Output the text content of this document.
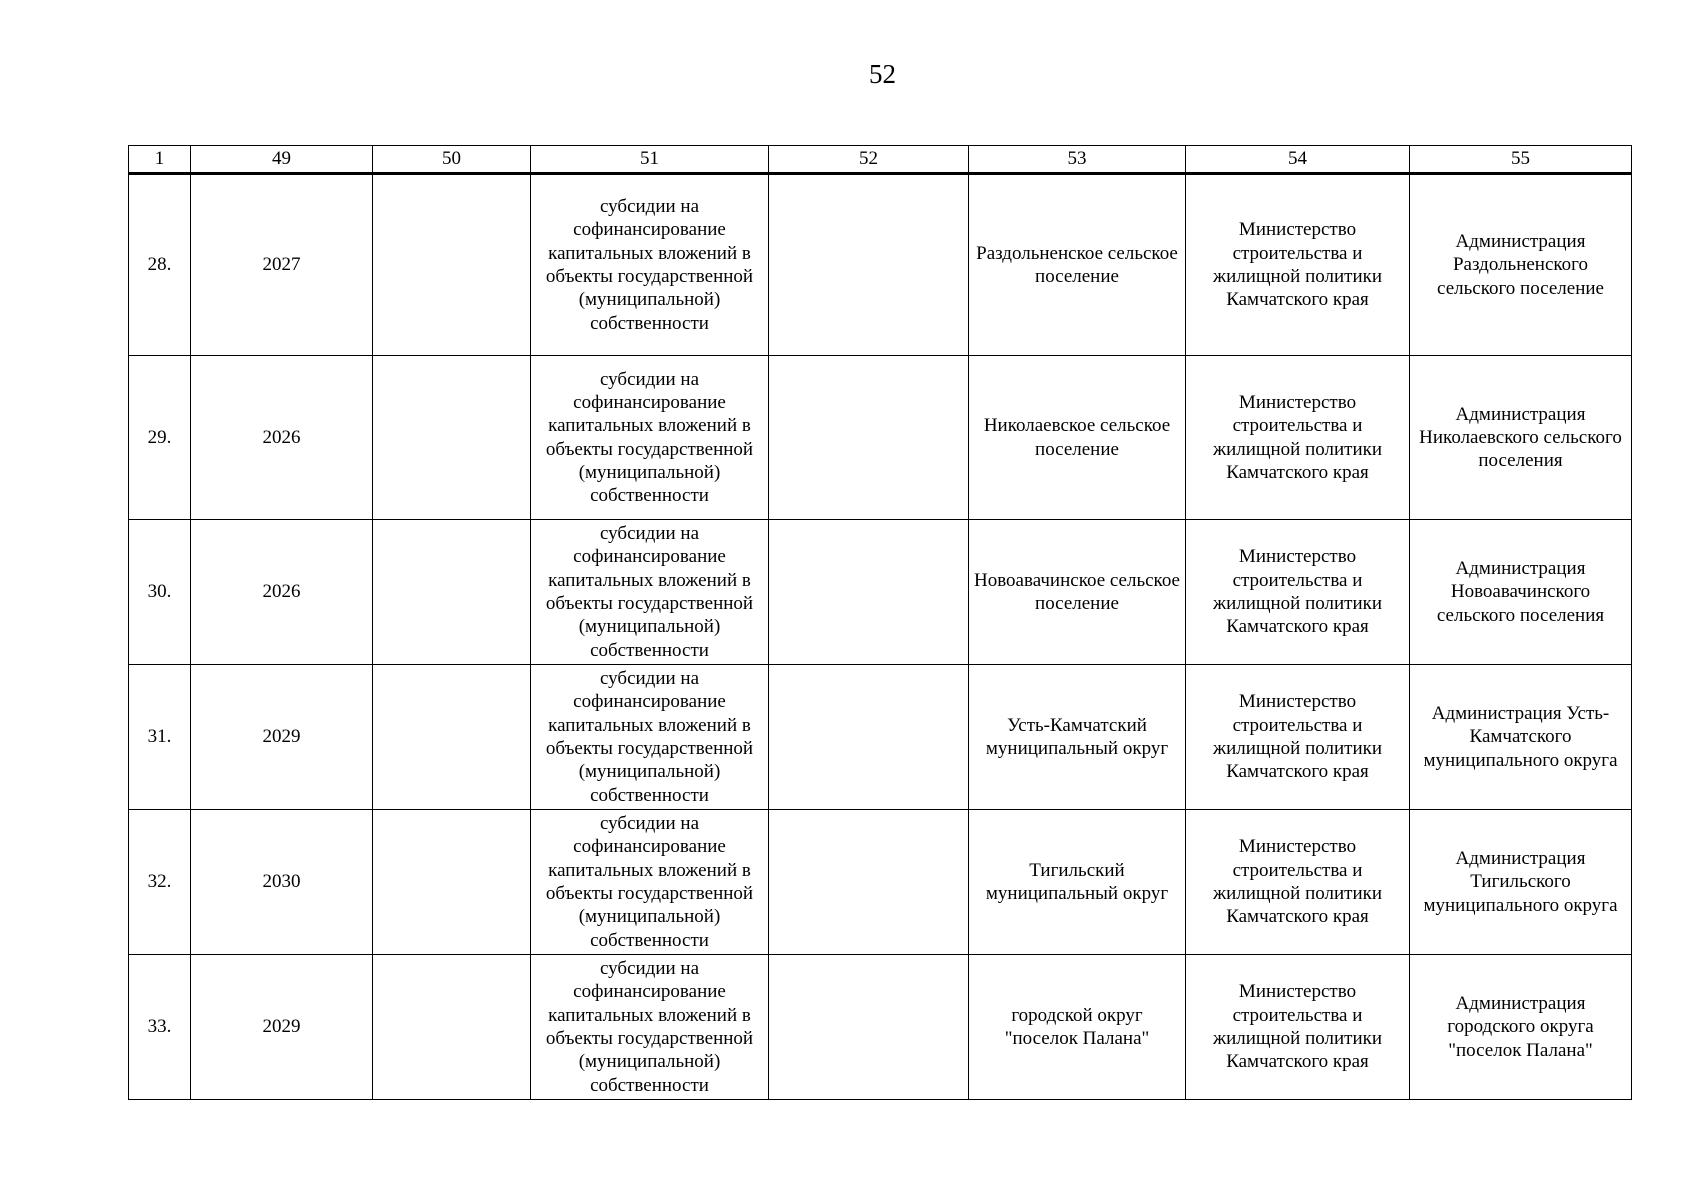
52
1	49	50	51	52	53	54	55
28.	2027		субсидии на софинансирование капитальных вложений в объекты государственной (муниципальной) собственности		Раздольненское сельское поселение	Министерство строительства и жилищной политики Камчатского края	Администрация Раздольненского сельского поселение
29.	2026		субсидии на софинансирование капитальных вложений в объекты государственной (муниципальной) собственности		Николаевское сельское поселение	Министерство строительства и жилищной политики Камчатского края	Администрация Николаевского сельского поселения
30.	2026		субсидии на софинансирование капитальных вложений в объекты государственной (муниципальной) собственности		Новоавачинское сельское поселение	Министерство строительства и жилищной политики Камчатского края	Администрация Новоавачинского сельского поселения
31.	2029		субсидии на софинансирование капитальных вложений в объекты государственной (муниципальной) собственности		Усть-Камчатский муниципальный округ	Министерство строительства и жилищной политики Камчатского края	Администрация Усть-Камчатского муниципального округа
32.	2030		субсидии на софинансирование капитальных вложений в объекты государственной (муниципальной) собственности		Тигильский муниципальный округ	Министерство строительства и жилищной политики Камчатского края	Администрация Тигильского муниципального округа
33.	2029		субсидии на софинансирование капитальных вложений в объекты государственной (муниципальной) собственности		городской округ "поселок Палана"	Министерство строительства и жилищной политики Камчатского края	Администрация городского округа "поселок Палана"
